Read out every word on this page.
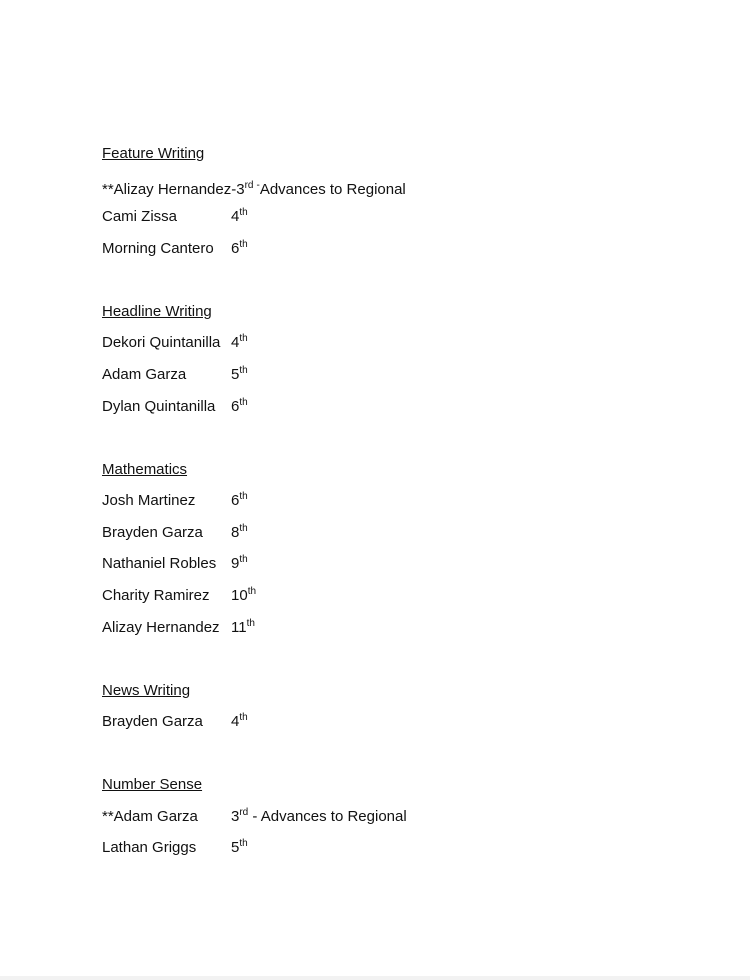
Feature Writing
**Alizay Hernandez-3rd -Advances to Regional
Cami Zissa	4th
Morning Cantero 6th
Headline Writing
Dekori Quintanilla 4th
Adam Garza	5th
Dylan Quintanilla 6th
Mathematics
Josh Martinez 6th
Brayden Garza 8th
Nathaniel Robles 9th
Charity Ramirez 10th
Alizay Hernandez 11th
News Writing
Brayden Garza 4th
Number Sense
**Adam Garza 3rd - Advances to Regional
Lathan Griggs 5th
